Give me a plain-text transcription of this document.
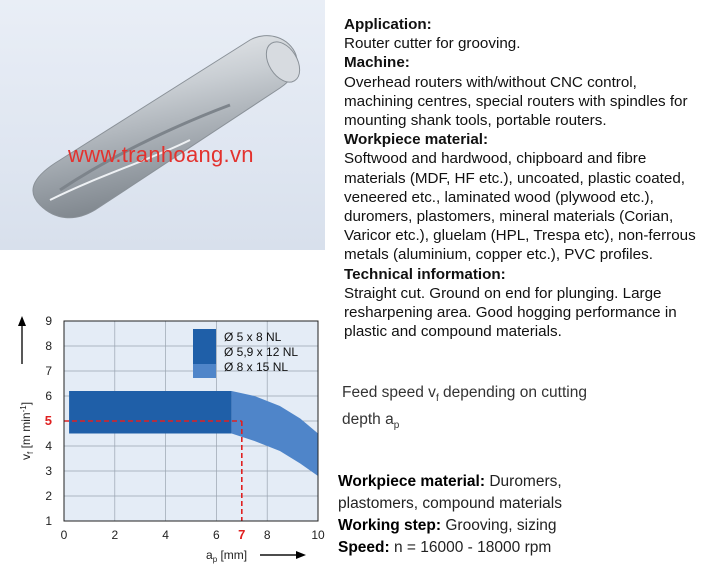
www.tranhoang.vn
Application:
Router cutter for grooving.
Machine:
Overhead routers with/without CNC control, machining centres, special routers with spindles for mounting shank tools, portable routers.
Workpiece material:
Softwood and hardwood, chipboard and fibre materials (MDF, HF etc.), uncoated, plastic coated, veneered etc., laminated wood (plywood etc.), duromers, plastomers, mineral materials (Corian, Varicor etc.), gluelam (HPL, Trespa etc), non-ferrous metals (aluminium, copper etc.), PVC profiles.
Technical information:
Straight cut. Ground on end for plunging. Large resharpening area. Good hogging performance in plastic and compound materials.
1
2
3
4
5
6
7
8
9
0	2	4	6	8	10
7
Ø 5 x 8 NL
Ø 5,9 x 12 NL
Ø 8 x 15 NL
$a_p$ [mm]
$v_f$ [m $\min^{-1}$]
Feed speed $v_f$ depending on cutting
depth $a_p$
Workpiece material: Duromers,
plastomers, compound materials
Working step: Grooving, sizing
Speed: n = 16000 - 18000 rpm
